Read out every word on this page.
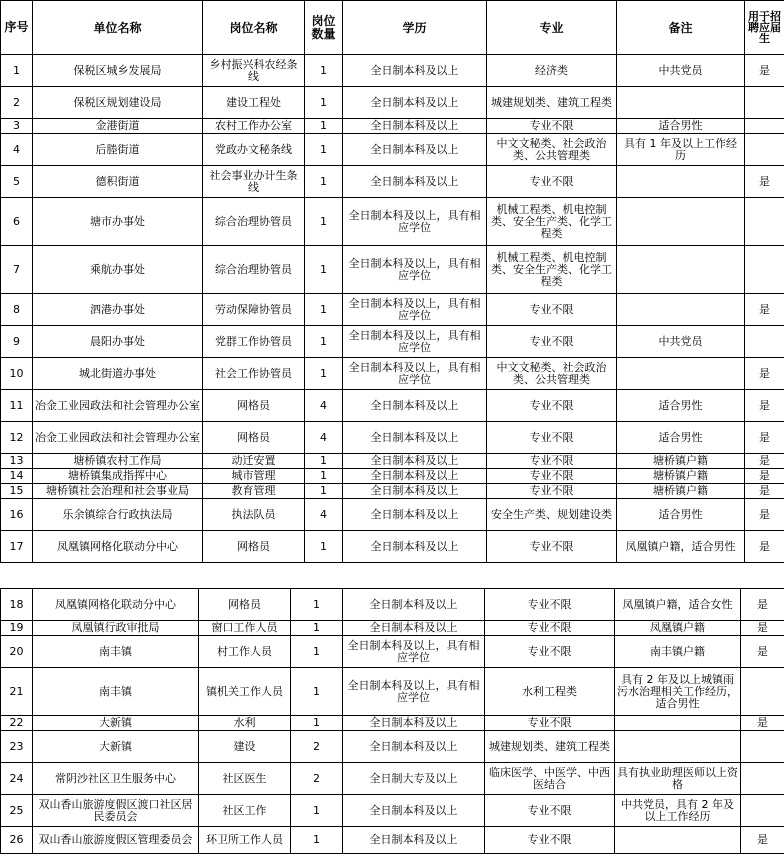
序号	单位名称	岗位名称	岗位数量	学历	专业	备注	用于招聘应届生
1	保税区城乡发展局	乡村振兴科农经条线	1	全日制本科及以上	经济类	中共党员	是
2	保税区规划建设局	建设工程处	1	全日制本科及以上	城建规划类、建筑工程类		
3	金港街道	农村工作办公室	1	全日制本科及以上	专业不限	适合男性	
4	后塍街道	党政办文秘条线	1	全日制本科及以上	中文文秘类、社会政治类、公共管理类	具有 1 年及以上工作经历	
5	德积街道	社会事业办计生条线	1	全日制本科及以上	专业不限		是
6	塘市办事处	综合治理协管员	1	全日制本科及以上，具有相应学位	机械工程类、机电控制类、安全生产类、化学工程类		
7	乘航办事处	综合治理协管员	1	全日制本科及以上，具有相应学位	机械工程类、机电控制类、安全生产类、化学工程类		
8	泗港办事处	劳动保障协管员	1	全日制本科及以上，具有相应学位	专业不限		是
9	晨阳办事处	党群工作协管员	1	全日制本科及以上，具有相应学位	专业不限	中共党员	
10	城北街道办事处	社会工作协管员	1	全日制本科及以上，具有相应学位	中文文秘类、社会政治类、公共管理类		是
11	冶金工业园政法和社会管理办公室	网格员	4	全日制本科及以上	专业不限	适合男性	是
12	冶金工业园政法和社会管理办公室	网格员	4	全日制本科及以上	专业不限	适合男性	是
13	塘桥镇农村工作局	动迁安置	1	全日制本科及以上	专业不限	塘桥镇户籍	是
14	塘桥镇集成指挥中心	城市管理	1	全日制本科及以上	专业不限	塘桥镇户籍	是
15	塘桥镇社会治理和社会事业局	教育管理	1	全日制本科及以上	专业不限	塘桥镇户籍	是
16	乐余镇综合行政执法局	执法队员	4	全日制本科及以上	安全生产类、规划建设类	适合男性	是
17	凤凰镇网格化联动分中心	网格员	1	全日制本科及以上	专业不限	凤凰镇户籍，适合男性	是
18	凤凰镇网格化联动分中心	网格员	1	全日制本科及以上	专业不限	凤凰镇户籍，适合女性	是
19	凤凰镇行政审批局	窗口工作人员	1	全日制本科及以上	专业不限	凤凰镇户籍	是
20	南丰镇	村工作人员	1	全日制本科及以上，具有相应学位	专业不限	南丰镇户籍	是
21	南丰镇	镇机关工作人员	1	全日制本科及以上，具有相应学位	水利工程类	具有 2 年及以上城镇雨污水治理相关工作经历，适合男性	
22	大新镇	水利	1	全日制本科及以上	专业不限		是
23	大新镇	建设	2	全日制本科及以上	城建规划类、建筑工程类		
24	常阴沙社区卫生服务中心	社区医生	2	全日制大专及以上	临床医学、中医学、中西医结合	具有执业助理医师以上资格	
25	双山香山旅游度假区渡口社区居民委员会	社区工作	1	全日制本科及以上	专业不限	中共党员，具有 2 年及以上工作经历	
26	双山香山旅游度假区管理委员会	环卫所工作人员	1	全日制本科及以上	专业不限		是
